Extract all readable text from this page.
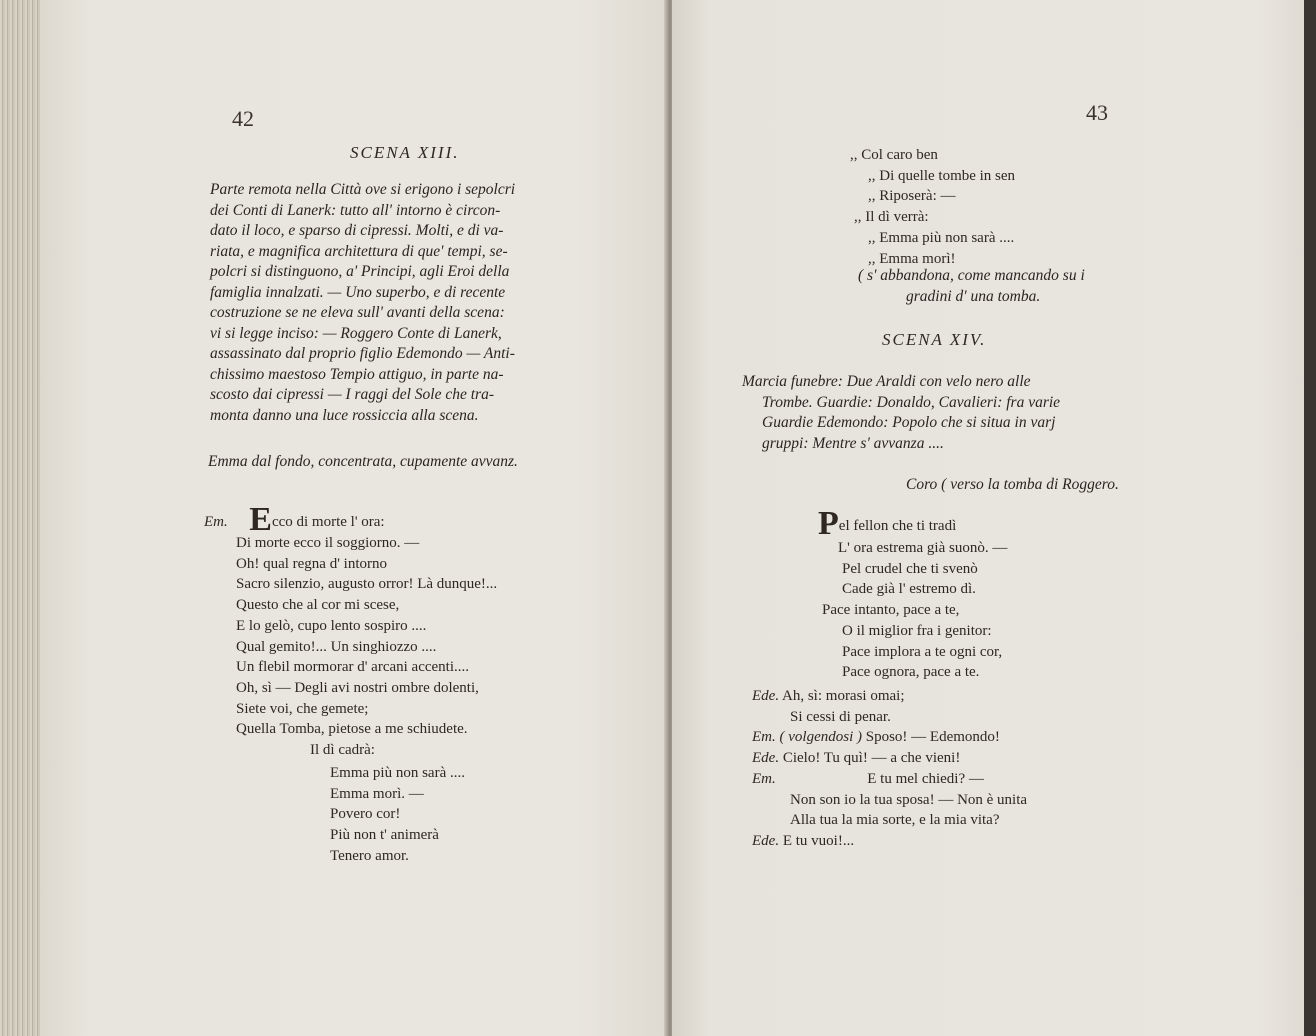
42
SCENA XIII.
Parte remota nella Città ove si erigono i sepolcri
dei Conti di Lanerk: tutto all' intorno è circon-
dato il loco, e sparso di cipressi. Molti, e di va-
riata, e magnifica architettura di que' tempi, se-
polcri si distinguono, a' Principi, agli Eroi della
famiglia innalzati. — Uno superbo, e di recente
costruzione se ne eleva sull' avanti della scena:
vi si legge inciso: — Roggero Conte di Lanerk,
assassinato dal proprio figlio Edemondo — Anti-
chissimo maestoso Tempio attiguo, in parte na-
scosto dai cipressi — I raggi del Sole che tra-
monta danno una luce rossiccia alla scena.
Emma dal fondo, concentrata, cupamente avvanz.
Em. Ecco di morte l' ora:
Di morte ecco il soggiorno. —
Oh! qual regna d' intorno
Sacro silenzio, augusto orror! Là dunque!...
Questo che al cor mi scese,
E lo gelò, cupo lento sospiro ....
Qual gemito!... Un singhiozzo ....
Un flebil mormorar d' arcani accenti....
Oh, sì — Degli avi nostri ombre dolenti,
Siete voi, che gemete;
Quella Tomba, pietose a me schiudete.
Il dì cadrà:
Emma più non sarà ....
Emma morì. —
Povero cor!
Più non t' animerà
Tenero amor.
43
,, Col caro ben
,, Di quelle tombe in sen
,, Riposerà: —
,, Il dì verrà:
,, Emma più non sarà ....
,, Emma morì!
( s' abbandona, come mancando su i
gradini d' una tomba.
SCENA XIV.
Marcia funebre: Due Araldi con velo nero alle
Trombe. Guardie: Donaldo, Cavalieri: fra varie
Guardie Edemondo: Popolo che si situa in varj
gruppi: Mentre s' avvanza ....
Coro ( verso la tomba di Roggero.
Pel fellon che ti tradì
L' ora estrema già suonò. —
Pel crudel che ti svenò
Cade già l' estremo dì.
Pace intanto, pace a te,
O il miglior fra i genitor:
Pace implora a te ogni cor,
Pace ognora, pace a te.
Ede. Ah, sì: morasi omai;
Si cessi di penar.
Em. ( volgendosi ) Sposo! — Edemondo!
Ede. Cielo! Tu quì! — a che vieni!
Em.	E tu mel chiedi? —
Non son io la tua sposa! — Non è unita
Alla tua la mia sorte, e la mia vita?
Ede. E tu vuoi!...
